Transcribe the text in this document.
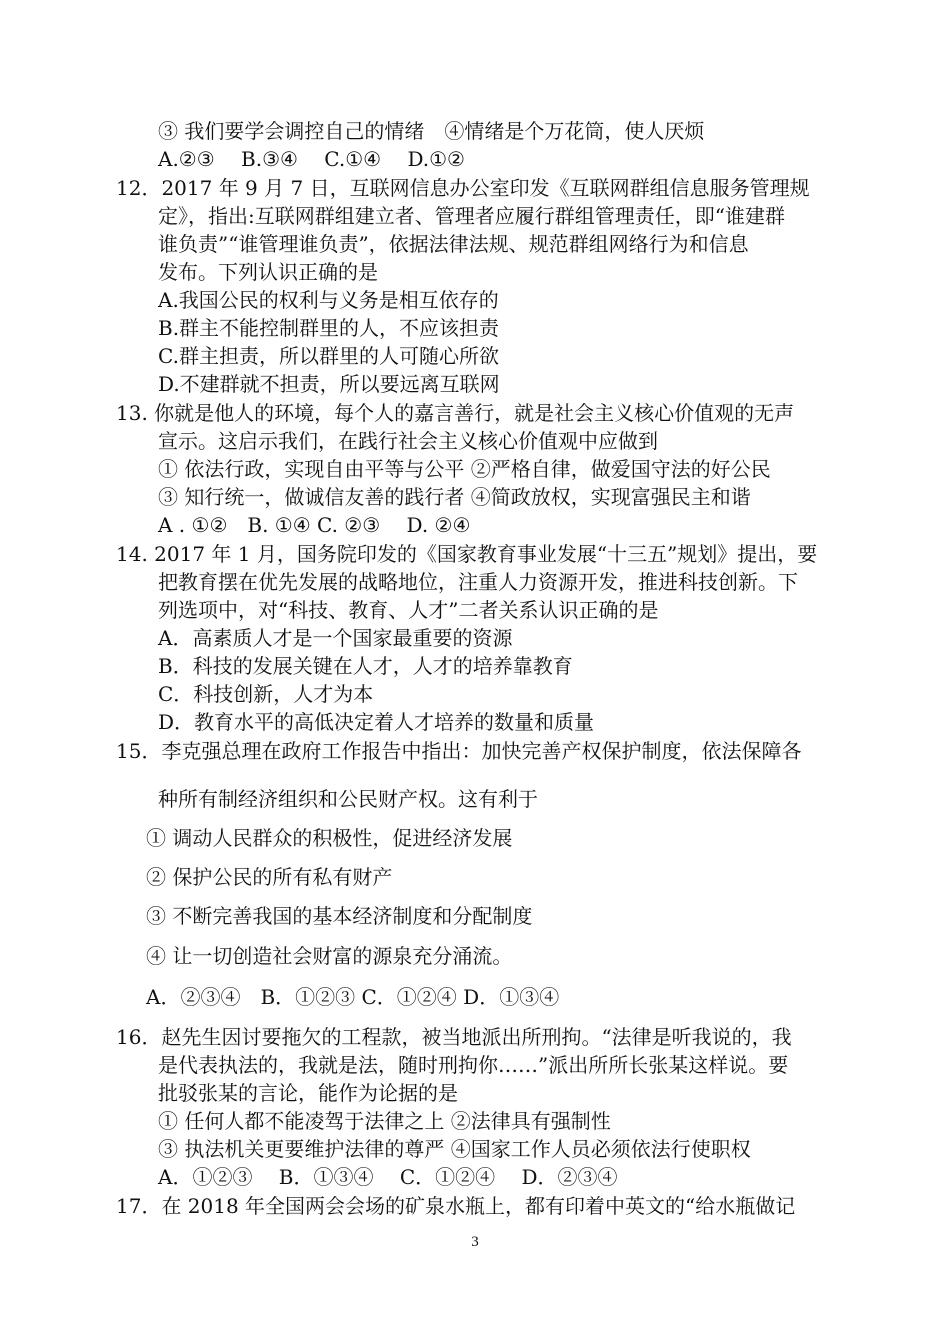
③ 我们要学会调控自己的情绪　④情绪是个万花筒，使人厌烦
A.②③　 B.③④　 C.①④　 D.①②
12．2017 年 9 月 7 日，互联网信息办公室印发《互联网群组信息服务管理规
定》，指出:互联网群组建立者、管理者应履行群组管理责任，即“谁建群
谁负责”“谁管理谁负责”，依据法律法规、规范群组网络行为和信息
发布。下列认识正确的是
A.我国公民的权利与义务是相互依存的
B.群主不能控制群里的人，不应该担责
C.群主担责，所以群里的人可随心所欲
D.不建群就不担责，所以要远离互联网
13. 你就是他人的环境，每个人的嘉言善行，就是社会主义核心价值观的无声
宣示。这启示我们，在践行社会主义核心价值观中应做到
① 依法行政，实现自由平等与公平 ②严格自律，做爱国守法的好公民
③ 知行统一，做诚信友善的践行者 ④简政放权，实现富强民主和谐
A . ①②　B. ①④ C. ②③　 D. ②④
14. 2017 年 1 月，国务院印发的《国家教育事业发展“十三五”规划》提出，要
把教育摆在优先发展的战略地位，注重人力资源开发，推进科技创新。下
列选项中，对“科技、教育、人才”二者关系认识正确的是
A．高素质人才是一个国家最重要的资源
B．科技的发展关键在人才，人才的培养靠教育
C．科技创新，人才为本
D．教育水平的高低决定着人才培养的数量和质量
15．李克强总理在政府工作报告中指出：加快完善产权保护制度，依法保障各
种所有制经济组织和公民财产权。这有利于
① 调动人民群众的积极性，促进经济发展
② 保护公民的所有私有财产
③ 不断完善我国的基本经济制度和分配制度
④ 让一切创造社会财富的源泉充分涌流。
A．②③④　B．①②③ C．①②④ D．①③④
16．赵先生因讨要拖欠的工程款，被当地派出所刑拘。“法律是听我说的，我
是代表执法的，我就是法，随时刑拘你……”派出所所长张某这样说。要
批驳张某的言论，能作为论据的是
① 任何人都不能凌驾于法律之上 ②法律具有强制性
③ 执法机关更要维护法律的尊严 ④国家工作人员必须依法行使职权
A．①②③　 B．①③④　 C．①②④　 D．②③④
17．在 2018 年全国两会会场的矿泉水瓶上，都有印着中英文的“给水瓶做记
3
